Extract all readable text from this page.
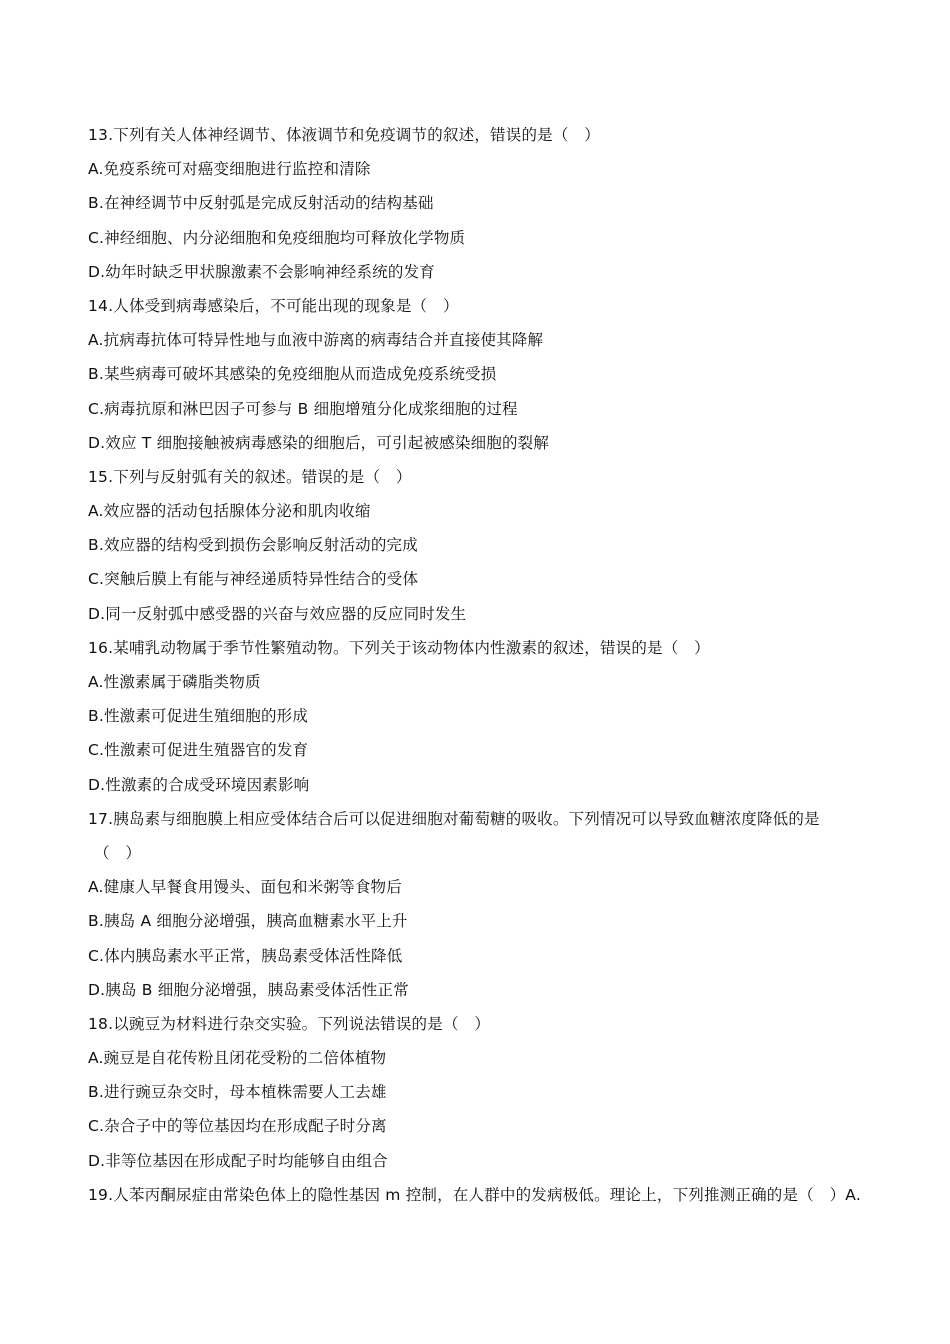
13.下列有关人体神经调节、体液调节和免疫调节的叙述，错误的是（　）
A.免疫系统可对癌变细胞进行监控和清除
B.在神经调节中反射弧是完成反射活动的结构基础
C.神经细胞、内分泌细胞和免疫细胞均可释放化学物质
D.幼年时缺乏甲状腺激素不会影响神经系统的发育
14.人体受到病毒感染后，不可能出现的现象是（　）
A.抗病毒抗体可特异性地与血液中游离的病毒结合并直接使其降解
B.某些病毒可破坏其感染的免疫细胞从而造成免疫系统受损
C.病毒抗原和淋巴因子可参与 B 细胞增殖分化成浆细胞的过程
D.效应 T 细胞接触被病毒感染的细胞后，可引起被感染细胞的裂解
15.下列与反射弧有关的叙述。错误的是（　）
A.效应器的活动包括腺体分泌和肌肉收缩
B.效应器的结构受到损伤会影响反射活动的完成
C.突触后膜上有能与神经递质特异性结合的受体
D.同一反射弧中感受器的兴奋与效应器的反应同时发生
16.某哺乳动物属于季节性繁殖动物。下列关于该动物体内性激素的叙述，错误的是（　）
A.性激素属于磷脂类物质
B.性激素可促进生殖细胞的形成
C.性激素可促进生殖器官的发育
D.性激素的合成受环境因素影响
17.胰岛素与细胞膜上相应受体结合后可以促进细胞对葡萄糖的吸收。下列情况可以导致血糖浓度降低的是
（　）
A.健康人早餐食用馒头、面包和米粥等食物后
B.胰岛 A 细胞分泌增强，胰高血糖素水平上升
C.体内胰岛素水平正常，胰岛素受体活性降低
D.胰岛 B 细胞分泌增强，胰岛素受体活性正常
18.以豌豆为材料进行杂交实验。下列说法错误的是（　）
A.豌豆是自花传粉且闭花受粉的二倍体植物
B.进行豌豆杂交时，母本植株需要人工去雄
C.杂合子中的等位基因均在形成配子时分离
D.非等位基因在形成配子时均能够自由组合
19.人苯丙酮尿症由常染色体上的隐性基因 m 控制，在人群中的发病极低。理论上，下列推测正确的是（　）A.
